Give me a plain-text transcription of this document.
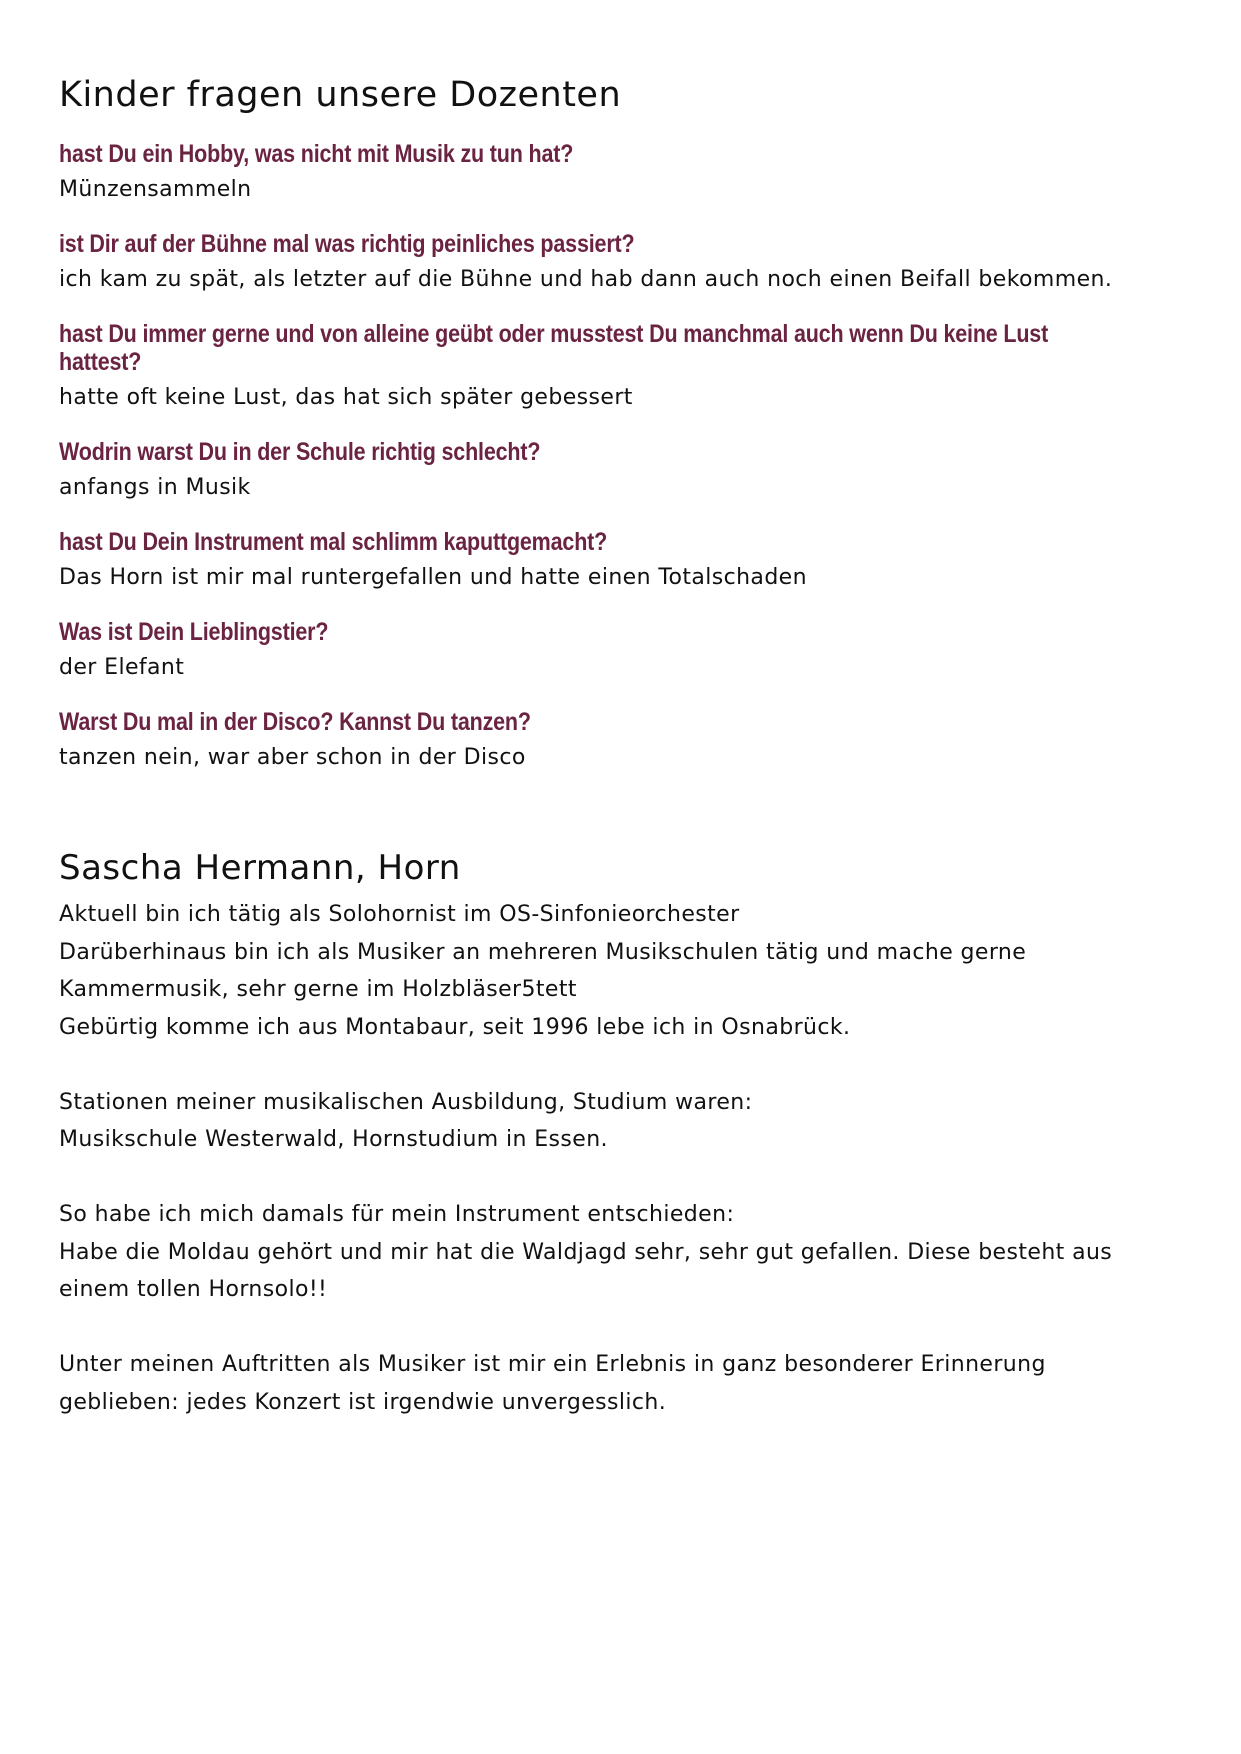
Kinder fragen unsere Dozenten
hast Du ein Hobby, was nicht mit Musik zu tun hat?
Münzensammeln
ist Dir auf der Bühne mal was richtig peinliches passiert?
ich kam zu spät, als letzter auf die Bühne und hab dann auch noch einen Beifall bekommen.
hast Du immer gerne und von alleine geübt oder musstest Du manchmal auch wenn Du keine Lust hattest?
hatte oft keine Lust, das hat sich später gebessert
Wodrin warst Du in der Schule richtig schlecht?
anfangs in Musik
hast Du Dein Instrument mal schlimm kaputtgemacht?
Das Horn ist mir mal runtergefallen und hatte einen Totalschaden
Was ist Dein Lieblingstier?
der Elefant
Warst Du mal in der Disco? Kannst Du tanzen?
tanzen nein, war aber schon in der Disco
Sascha Hermann, Horn

Aktuell bin ich tätig als Solohornist im OS-Sinfonieorchester

Darüberhinaus bin ich als Musiker an mehreren Musikschulen tätig und mache gerne

Kammermusik, sehr gerne im Holzbläser5tett

Gebürtig komme ich aus Montabaur, seit 1996 lebe ich in Osnabrück.

Stationen meiner musikalischen Ausbildung, Studium waren:

Musikschule Westerwald, Hornstudium in Essen.

So habe ich mich damals für mein Instrument entschieden:

Habe die Moldau gehört und mir hat die Waldjagd sehr, sehr gut gefallen. Diese besteht aus

einem tollen Hornsolo!!

Unter meinen Auftritten als Musiker ist mir ein Erlebnis in ganz besonderer Erinnerung

geblieben: jedes Konzert ist irgendwie unvergesslich.
